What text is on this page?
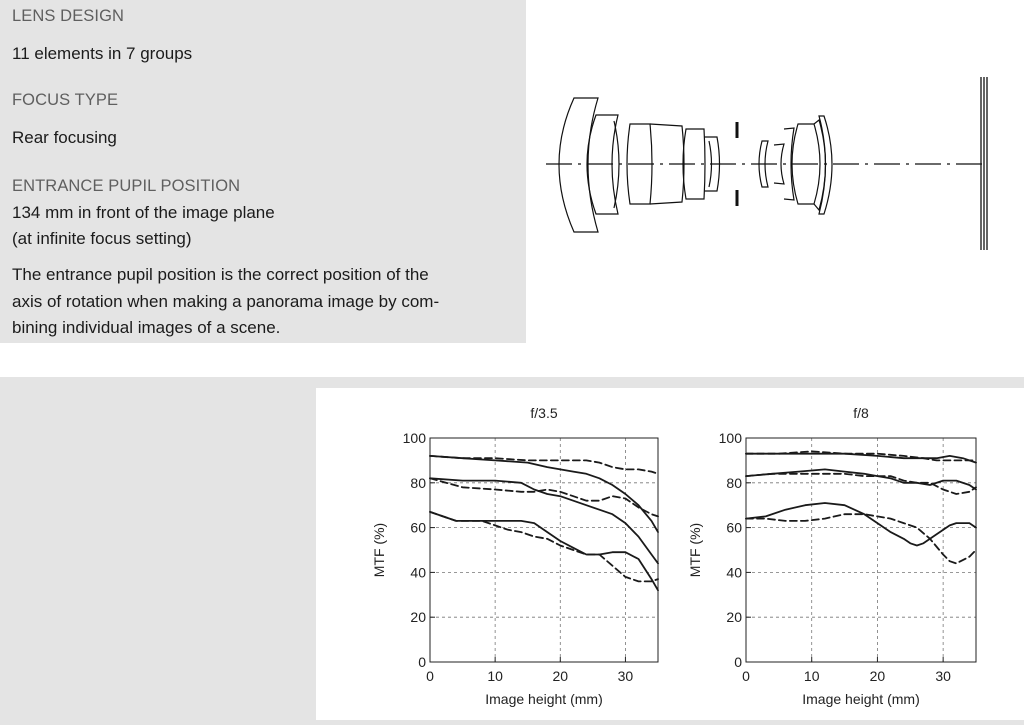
LENS DESIGN
11 elements in 7 groups
FOCUS TYPE
Rear focusing
ENTRANCE PUPIL POSITION
134 mm in front of the image plane
(at infinite focus setting)
The entrance pupil position is the correct position of the
axis of rotation when making a panorama image by com-
bining individual images of a scene.
0
20
40
60
80
100
0	10	20	30
f/3.5
Image height (mm)
MTF (%)
0
20
40
60
80
100
0	10	20	30
f/8
Image height (mm)
MTF (%)
